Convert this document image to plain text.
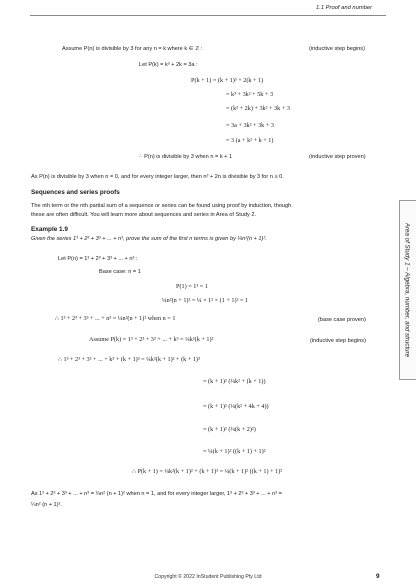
1.1 Proof and number
Area of Study 1 – Algebra, number, and structure
Assume P(n) is divisible by 3 for any n = k where k ∈ ℤ :	(inductive step begins)
Let P(k) = k³ + 2k = 3a :
P(k + 1) = (k + 1)³ + 2(k + 1)
= k³ + 3k² + 5k + 3
= (k³ + 2k) + 3k² + 3k + 3
= 3a + 3k² + 3k + 3
= 3 (a + k² + k + 1)
∴ P(n) is divisible by 3 when n = k + 1	(inductive step proven)
As P(n) is divisible by 3 when n = 0, and for every integer larger, then n³ + 2n is divisible by 3 for n ≥ 0.
Sequences and series proofs
The nth term or the nth partial sum of a sequence or series can be found using proof by induction, though
these are often difficult. You will learn more about sequences and series in Area of Study 2.
Example 1.9
Given the series 1³ + 2³ + 3³ + ... + n³, prove the sum of the first n terms is given by ¼n²(n + 1)².
Let P(n) = 1³ + 2³ + 3³ + ... + n³ :
Base case: n = 1
P(1) = 1³ = 1
¼n²(n + 1)² = ¼ × 1² × (1 + 1)² = 1
∴ 1³ + 2³ + 3³ + ... + n³ = ¼n²(n + 1)² when n = 1	(base case proven)
Assume P(k) = 1³ + 2³ + 3³ + ... + k³ = ¼k²(k + 1)²	(inductive step begins)
∴ 1³ + 2³ + 3³ + ... + k³ + (k + 1)³ = ¼k²(k + 1)² + (k + 1)³
= (k + 1)² (¼k² + (k + 1))
= (k + 1)² (¼(k² + 4k + 4))
= (k + 1)² (¼(k + 2)²)
= ¼(k + 1)² ((k + 1) + 1)²
∴ P(k + 1) = ¼k²(k + 1)² + (k + 1)³ = ¼(k + 1)² ((k + 1) + 1)²
As 1³ + 2³ + 3³ + ... + n³ = ¼n² (n + 1)² when n = 1, and for every integer larger, 1³ + 2³ + 3³ + ... + n³ =
¼n² (n + 1)².
Copyright © 2022 InStudent Publishing Pty Ltd	9
